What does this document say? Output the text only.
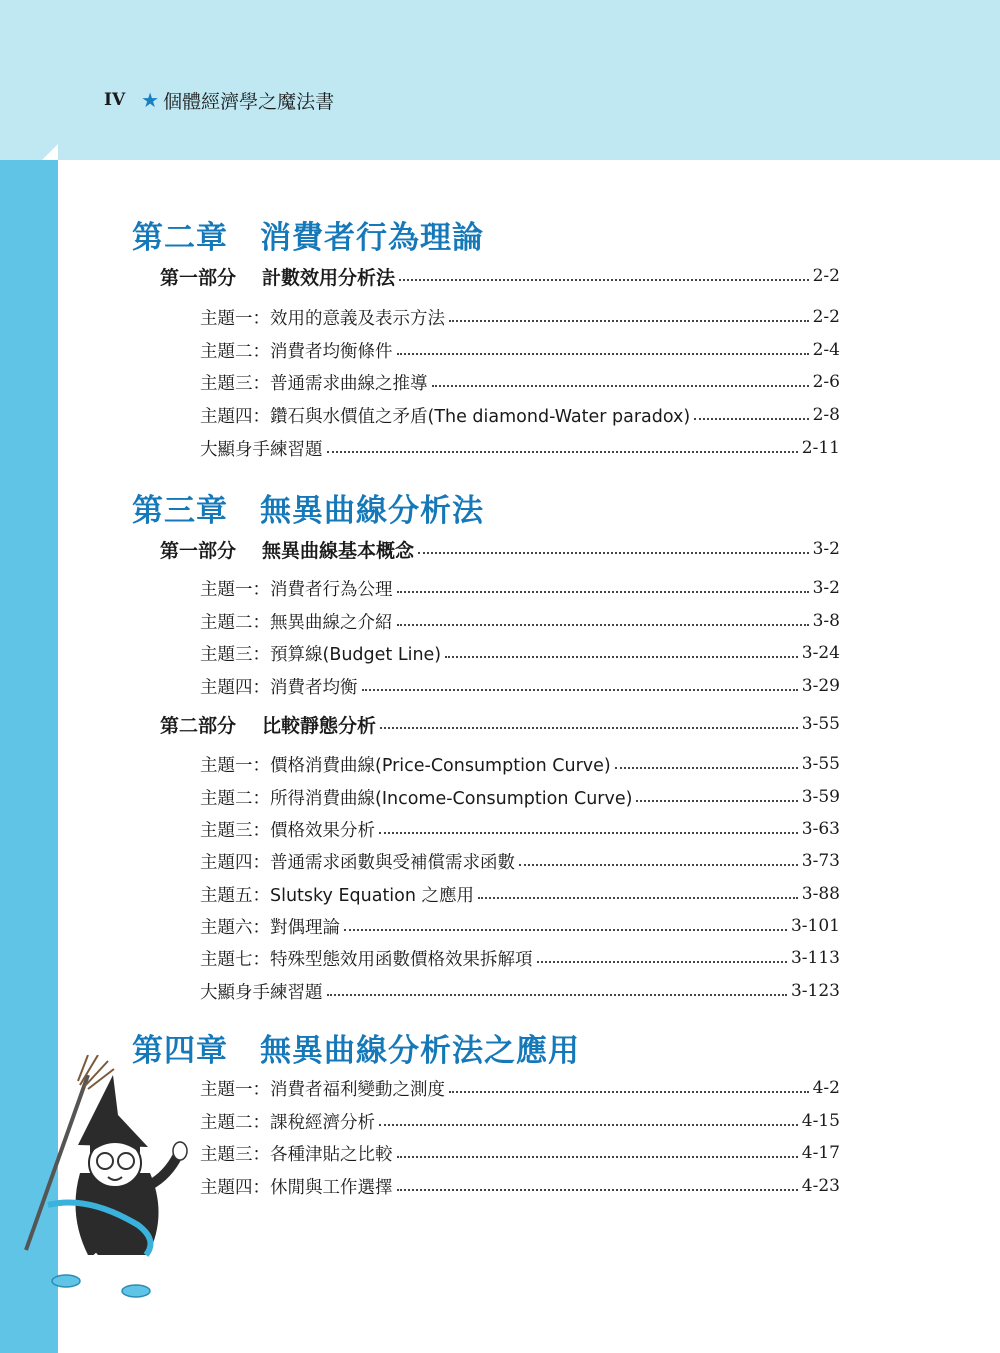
IV ★ 個體經濟學之魔法書
第二章	消費者行為理論
第一部分 計數效用分析法	2-2
主題一：效用的意義及表示方法	2-2
主題二：消費者均衡條件	2-4
主題三：普通需求曲線之推導	2-6
主題四：鑽石與水價值之矛盾(The diamond-Water paradox)	2-8
大顯身手練習題	2-11
第三章	無異曲線分析法
第一部分 無異曲線基本概念	3-2
主題一：消費者行為公理	3-2
主題二：無異曲線之介紹	3-8
主題三：預算線(Budget Line)	3-24
主題四：消費者均衡	3-29
第二部分 比較靜態分析	3-55
主題一：價格消費曲線(Price-Consumption Curve)	3-55
主題二：所得消費曲線(Income-Consumption Curve)	3-59
主題三：價格效果分析	3-63
主題四：普通需求函數與受補償需求函數	3-73
主題五：Slutsky Equation 之應用	3-88
主題六：對偶理論	3-101
主題七：特殊型態效用函數價格效果拆解項	3-113
大顯身手練習題	3-123
第四章	無異曲線分析法之應用
主題一：消費者福利變動之測度	4-2
主題二：課稅經濟分析	4-15
主題三：各種津貼之比較	4-17
主題四：休閒與工作選擇	4-23
